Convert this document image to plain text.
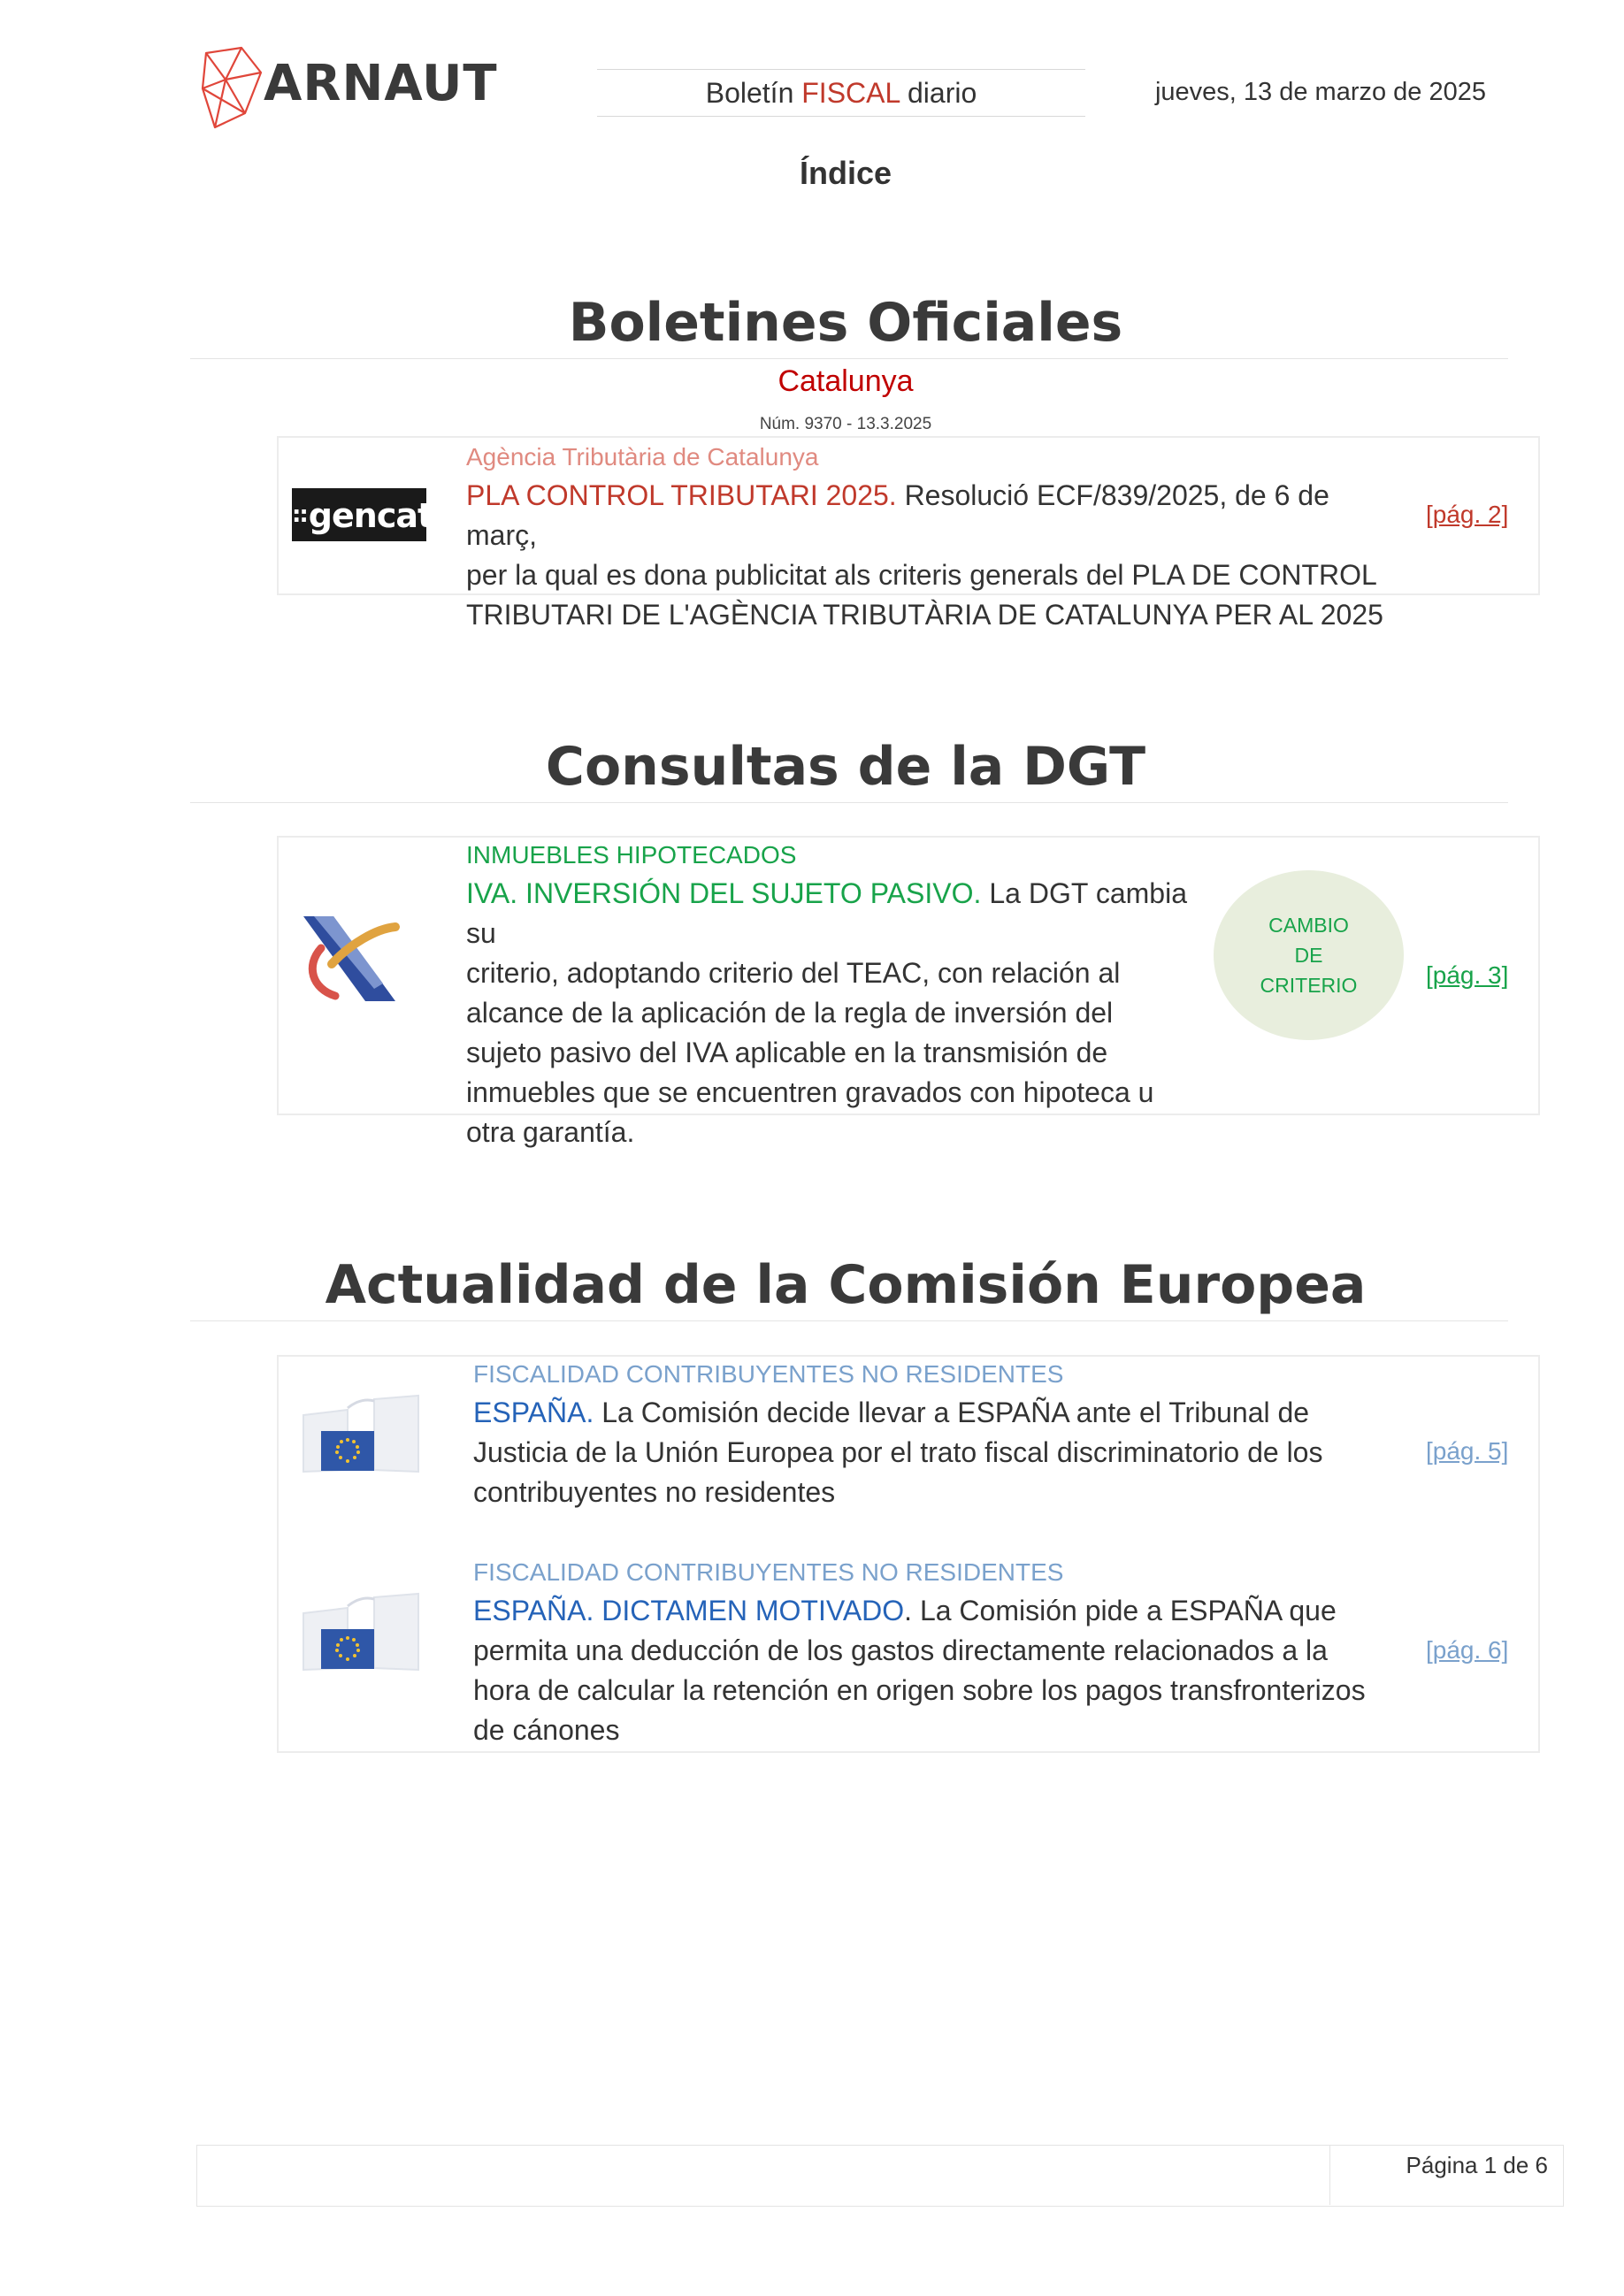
ARNAUT	Boletín FISCAL diario	jueves, 13 de marzo de 2025
Índice
Boletines Oficiales
Catalunya
Núm. 9370 - 13.3.2025
::gencat
Agència Tributària de Catalunya
PLA CONTROL TRIBUTARI 2025. Resolució ECF/839/2025, de 6 de març,
per la qual es dona publicitat als criteris generals del PLA DE CONTROL
TRIBUTARI DE L'AGÈNCIA TRIBUTÀRIA DE CATALUNYA PER AL 2025
[pág. 2]
Consultas de la DGT
INMUEBLES HIPOTECADOS
IVA. INVERSIÓN DEL SUJETO PASIVO. La DGT cambia su
criterio, adoptando criterio del TEAC, con relación al
alcance de la aplicación de la regla de inversión del
sujeto pasivo del IVA aplicable en la transmisión de
inmuebles que se encuentren gravados con hipoteca u
otra garantía.
CAMBIO
DE
CRITERIO	[pág. 3]
Actualidad de la Comisión Europea
FISCALIDAD CONTRIBUYENTES NO RESIDENTES
ESPAÑA. La Comisión decide llevar a ESPAÑA ante el Tribunal de
Justicia de la Unión Europea por el trato fiscal discriminatorio de los
contribuyentes no residentes
[pág. 5]
FISCALIDAD CONTRIBUYENTES NO RESIDENTES
ESPAÑA. DICTAMEN MOTIVADO. La Comisión pide a ESPAÑA que
permita una deducción de los gastos directamente relacionados a la
hora de calcular la retención en origen sobre los pagos transfronterizos
de cánones
[pág. 6]
Página 1 de 6
